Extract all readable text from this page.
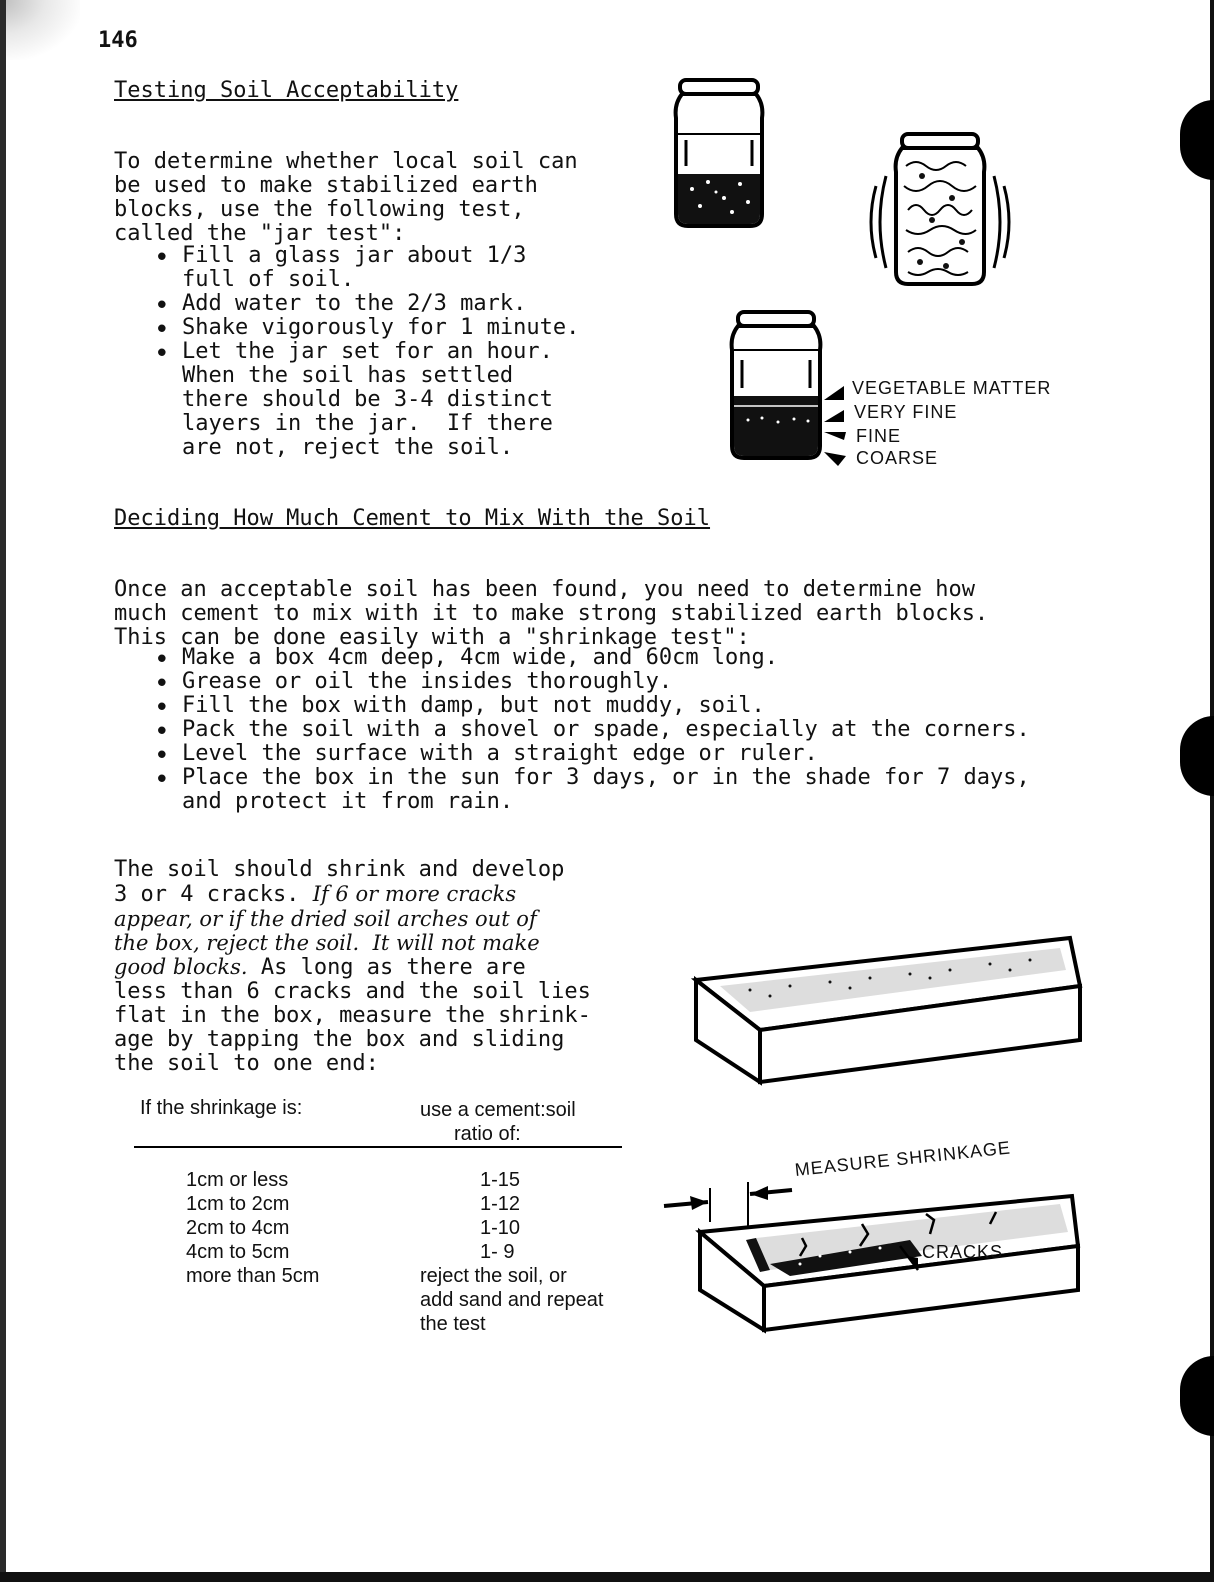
146
Testing Soil Acceptability

To determine whether local soil can
be used to make stabilized earth
blocks, use the following test,
called the "jar test":

• Fill a glass jar about 1/3
full of soil.
• Add water to the 2/3 mark.
• Shake vigorously for 1 minute.
• Let the jar set for an hour.
When the soil has settled
there should be 3-4 distinct
layers in the jar.  If there
are not, reject the soil.
VEGETABLE MATTER
VERY FINE
FINE
COARSE
Deciding How Much Cement to Mix With the Soil

Once an acceptable soil has been found, you need to determine how
much cement to mix with it to make strong stabilized earth blocks.
This can be done easily with a "shrinkage test":

• Make a box 4cm deep, 4cm wide, and 60cm long.
• Grease or oil the insides thoroughly.
• Fill the box with damp, but not muddy, soil.
• Pack the soil with a shovel or spade, especially at the corners.
• Level the surface with a straight edge or ruler.
• Place the box in the sun for 3 days, or in the shade for 7 days,
and protect it from rain.

The soil should shrink and develop
3 or 4 cracks. If 6 or more cracks
appear, or if the dried soil arches out of
the box, reject the soil.  It will not make
good blocks. As long as there are
less than 6 cracks and the soil lies
flat in the box, measure the shrink-
age by tapping the box and sliding
the soil to one end:

If the shrinkage is:	use a cement:soil
ratio of:
1cm or less	1-15
1cm to 2cm	1-12
2cm to 4cm	1-10
4cm to 5cm	1- 9
more than 5cm	reject the soil, or
add sand and repeat
the test
MEASURE SHRINKAGE
CRACKS
